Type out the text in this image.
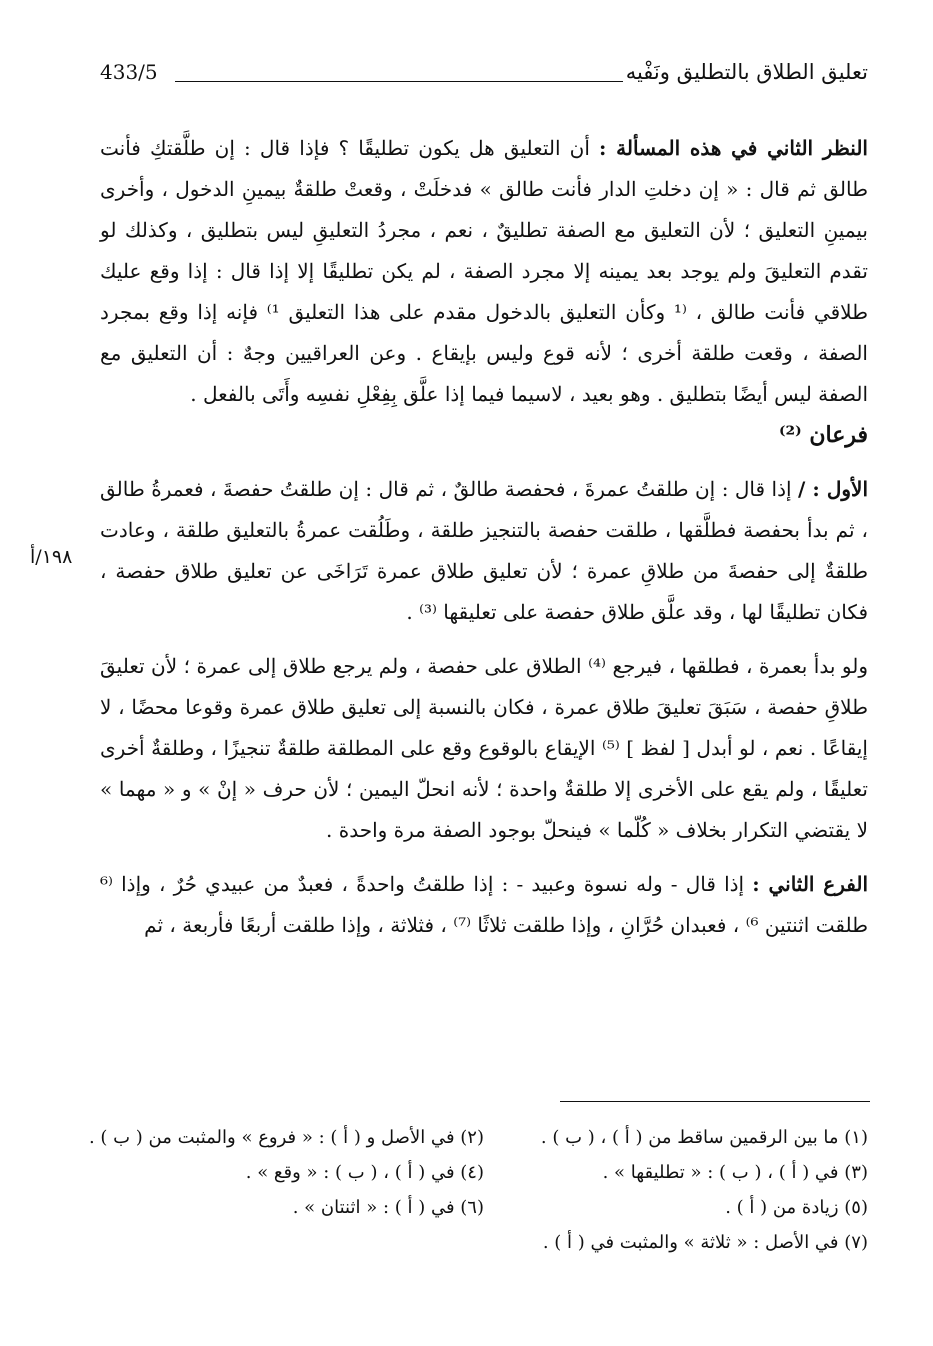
تعليق الطلاق بالتطليق ونَفْيه
433/5
١٩٨/أ

النظر الثاني في هذه المسألة : أن التعليق هل يكون تطليقًا ؟ فإذا قال : إن طلَّقتكِ فأنت طالق ثم قال : « إن دخلتِ الدار فأنت طالق » فدخلَتْ ، وقعتْ طلقةٌ بيمينِ الدخول ، وأخرى بيمينِ التعليق ؛ لأن التعليق مع الصفة تطليقٌ ، نعم ، مجردُ التعليقِ ليس بتطليق ، وكذلك لو تقدم التعليقَ ولم يوجد بعد يمينه إلا مجرد الصفة ، لم يكن تطليقًا إلا إذا قال : إذا وقع عليك طلاقي فأنت طالق ، ⁽¹ وكأن التعليق بالدخول مقدم على هذا التعليق ¹⁾ فإنه إذا وقع بمجرد الصفة ، وقعت طلقة أخرى ؛ لأنه قوع وليس بإيقاع . وعن العراقيين وجهٌ : أن التعليق مع الصفة ليس أيضًا بتطليق . وهو بعيد ، لاسيما فيما إذا علَّق بِفِعْلِ نفسِه وأَتَى بالفعل .

فرعان ⁽²⁾

الأول : / إذا قال : إن طلقتُ عمرةَ ، فحفصة طالقٌ ، ثم قال : إن طلقتُ حفصةَ ، فعمرةُ طالق ، ثم بدأ بحفصة فطلَّقها ، طلقت حفصة بالتنجيز طلقة ، وطَلُقت عمرةُ بالتعليق طلقة ، وعادت طلقةٌ إلى حفصةَ من طلاقِ عمرة ؛ لأن تعليق طلاق عمرة تَرَاخَى عن تعليق طلاق حفصة ، فكان تطليقًا لها ، وقد علَّق طلاق حفصة على تعليقها ⁽³⁾ .

ولو بدأ بعمرة ، فطلقها ، فيرجع ⁽⁴⁾ الطلاق على حفصة ، ولم يرجع طلاق إلى عمرة ؛ لأن تعليقَ طلاقِ حفصة ، سَبَقَ تعليقَ طلاق عمرة ، فكان بالنسبة إلى تعليق طلاق عمرة وقوعا محضًا ، لا إيقاعًا . نعم ، لو أبدل [ لفظ ] ⁽⁵⁾ الإيقاع بالوقوع وقع على المطلقة طلقةٌ تنجيزًا ، وطلقةٌ أخرى تعليقًا ، ولم يقع على الأخرى إلا طلقةٌ واحدة ؛ لأنه انحلّ اليمين ؛ لأن حرف « إنْ » و « مهما » لا يقتضي التكرار بخلاف « كُلّما » فينحلّ بوجود الصفة مرة واحدة .

الفرع الثاني : إذا قال - وله نسوة وعبيد - : إذا طلقتُ واحدةً ، فعبدٌ من عبيدي حُرٌ ، وإذا ⁽⁶ طلقت اثنتين ⁶⁾ ، فعبدان حُرَّانِ ، وإذا طلقت ثلاثًا ⁽⁷⁾ ، فثلاثة ، وإذا طلقت أربعًا فأربعة ، ثم

(١) ما بين الرقمين ساقط من ( أ ) ، ( ب ) .
(٢) في الأصل و ( أ ) : « فروع » والمثبت من ( ب ) .
(٣) في ( أ ) ، ( ب ) : « تطليقها » .
(٤) في ( أ ) ، ( ب ) : « وقع » .
(٥) زيادة من ( أ ) .
(٦) في ( أ ) : « اثنتان » .
(٧) في الأصل : « ثلاثة » والمثبت في ( أ ) .
